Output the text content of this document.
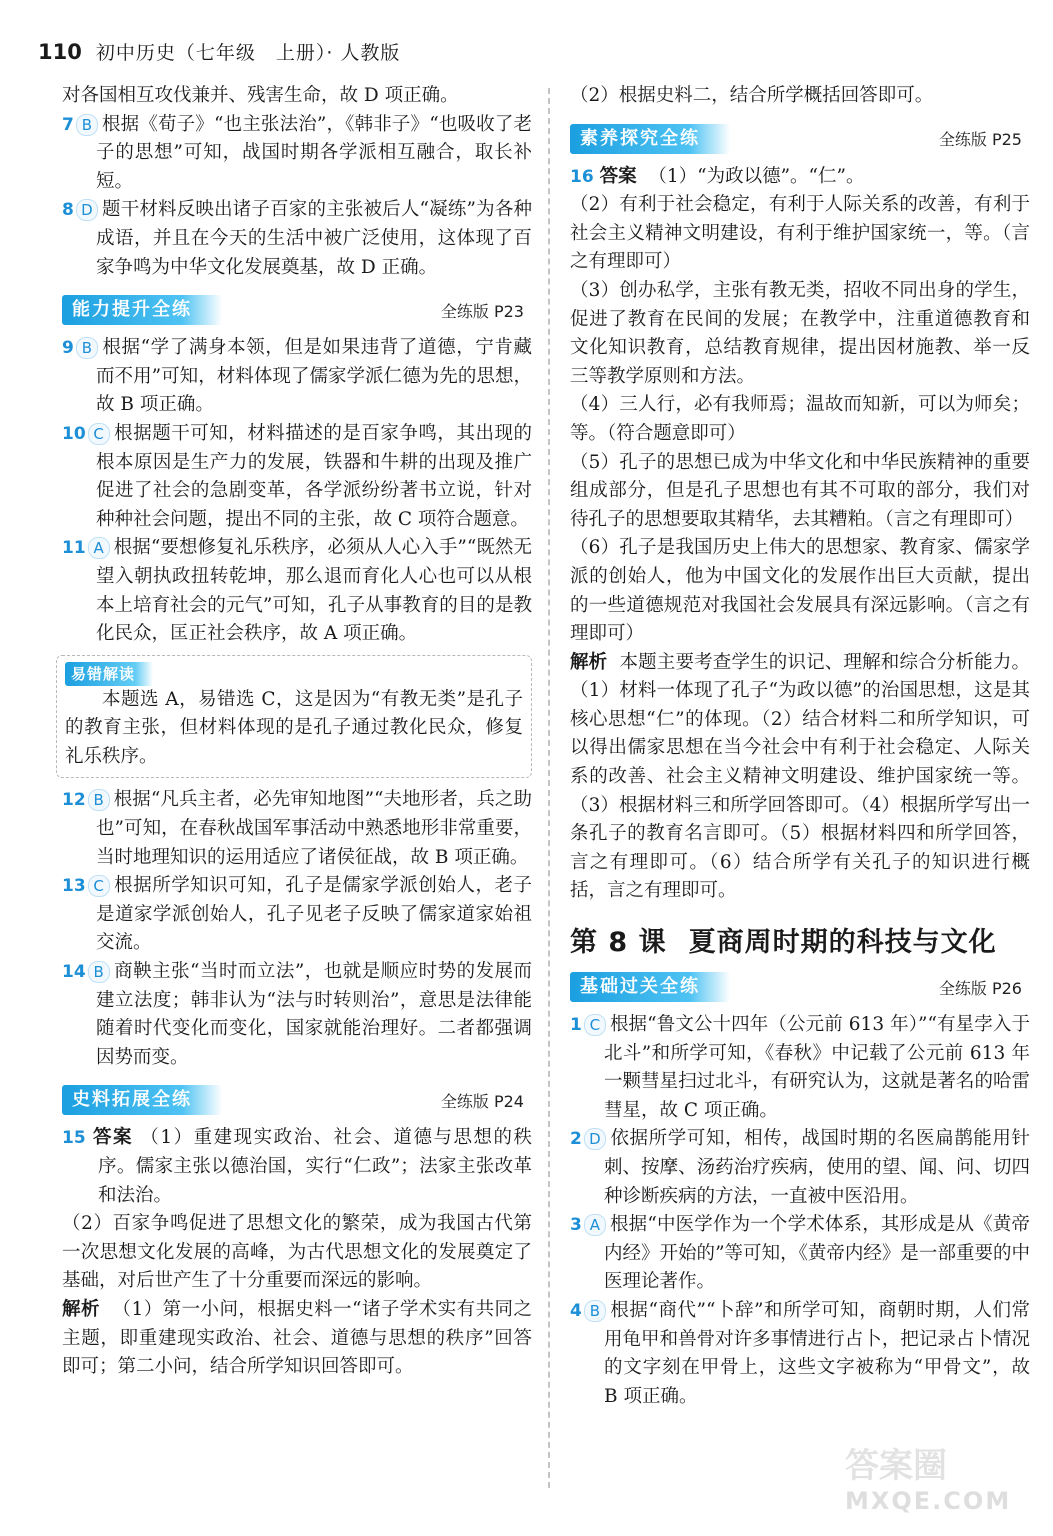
110 初中历史（七年级　上册）· 人教版

对各国相互攻伐兼并、残害生命，故 D 项正确。

7 B 根据《荀子》“也主张法治”，《韩非子》“也吸收了老子的思想”可知，战国时期各学派相互融合，取长补短。

8 D 题干材料反映出诸子百家的主张被后人“凝练”为各种成语，并且在今天的生活中被广泛使用，这体现了百家争鸣为中华文化发展奠基，故 D 正确。

能力提升全练	全练版 P23

9 B 根据“学了满身本领，但是如果违背了道德，宁肯藏而不用”可知，材料体现了儒家学派仁德为先的思想，故 B 项正确。

10 C 根据题干可知，材料描述的是百家争鸣，其出现的根本原因是生产力的发展，铁器和牛耕的出现及推广促进了社会的急剧变革，各学派纷纷著书立说，针对种种社会问题，提出不同的主张，故 C 项符合题意。

11 A 根据“要想修复礼乐秩序，必须从人心入手”“既然无望入朝执政扭转乾坤，那么退而育化人心也可以从根本上培育社会的元气”可知，孔子从事教育的目的是教化民众，匡正社会秩序，故 A 项正确。

易错解读

本题选 A，易错选 C，这是因为“有教无类”是孔子的教育主张，但材料体现的是孔子通过教化民众，修复礼乐秩序。

12 B 根据“凡兵主者，必先审知地图”“夫地形者，兵之助也”可知，在春秋战国军事活动中熟悉地形非常重要，当时地理知识的运用适应了诸侯征战，故 B 项正确。

13 C 根据所学知识可知，孔子是儒家学派创始人，老子是道家学派创始人，孔子见老子反映了儒家道家始祖交流。

14 B 商鞅主张“当时而立法”，也就是顺应时势的发展而建立法度；韩非认为“法与时转则治”，意思是法律能随着时代变化而变化，国家就能治理好。二者都强调因势而变。

史料拓展全练	全练版 P24

15 答案 （1）重建现实政治、社会、道德与思想的秩序。儒家主张以德治国，实行“仁政”；法家主张改革和法治。

（2）百家争鸣促进了思想文化的繁荣，成为我国古代第一次思想文化发展的高峰，为古代思想文化的发展奠定了基础，对后世产生了十分重要而深远的影响。

解析 （1）第一小问，根据史料一“诸子学术实有共同之主题，即重建现实政治、社会、道德与思想的秩序”回答即可；第二小问，结合所学知识回答即可。

（2）根据史料二，结合所学概括回答即可。

素养探究全练	全练版 P25

16 答案 （1）“为政以德”。“仁”。

（2）有利于社会稳定，有利于人际关系的改善，有利于社会主义精神文明建设，有利于维护国家统一，等。（言之有理即可）

（3）创办私学，主张有教无类，招收不同出身的学生，促进了教育在民间的发展；在教学中，注重道德教育和文化知识教育，总结教育规律，提出因材施教、举一反三等教学原则和方法。

（4）三人行，必有我师焉；温故而知新，可以为师矣；等。（符合题意即可）

（5）孔子的思想已成为中华文化和中华民族精神的重要组成部分，但是孔子思想也有其不可取的部分，我们对待孔子的思想要取其精华，去其糟粕。（言之有理即可）

（6）孔子是我国历史上伟大的思想家、教育家、儒家学派的创始人，他为中国文化的发展作出巨大贡献，提出的一些道德规范对我国社会发展具有深远影响。（言之有理即可）

解析 本题主要考查学生的识记、理解和综合分析能力。（1）材料一体现了孔子“为政以德”的治国思想，这是其核心思想“仁”的体现。（2）结合材料二和所学知识，可以得出儒家思想在当今社会中有利于社会稳定、人际关系的改善、社会主义精神文明建设、维护国家统一等。（3）根据材料三和所学回答即可。（4）根据所学写出一条孔子的教育名言即可。（5）根据材料四和所学回答，言之有理即可。（6）结合所学有关孔子的知识进行概括，言之有理即可。

第 8 课 夏商周时期的科技与文化
基础过关全练	全练版 P26

1 C 根据“鲁文公十四年（公元前 613 年）”“有星孛入于北斗”和所学可知，《春秋》中记载了公元前 613 年一颗彗星扫过北斗，有研究认为，这就是著名的哈雷彗星，故 C 项正确。

2 D 依据所学可知，相传，战国时期的名医扁鹊能用针刺、按摩、汤药治疗疾病，使用的望、闻、问、切四种诊断疾病的方法，一直被中医沿用。

3 A 根据“中医学作为一个学术体系，其形成是从《黄帝内经》开始的”等可知，《黄帝内经》是一部重要的中医理论著作。

4 B 根据“商代”“卜辞”和所学可知，商朝时期，人们常用龟甲和兽骨对许多事情进行占卜，把记录占卜情况的文字刻在甲骨上，这些文字被称为“甲骨文”，故 B 项正确。

答案圈
MXQE.COM
